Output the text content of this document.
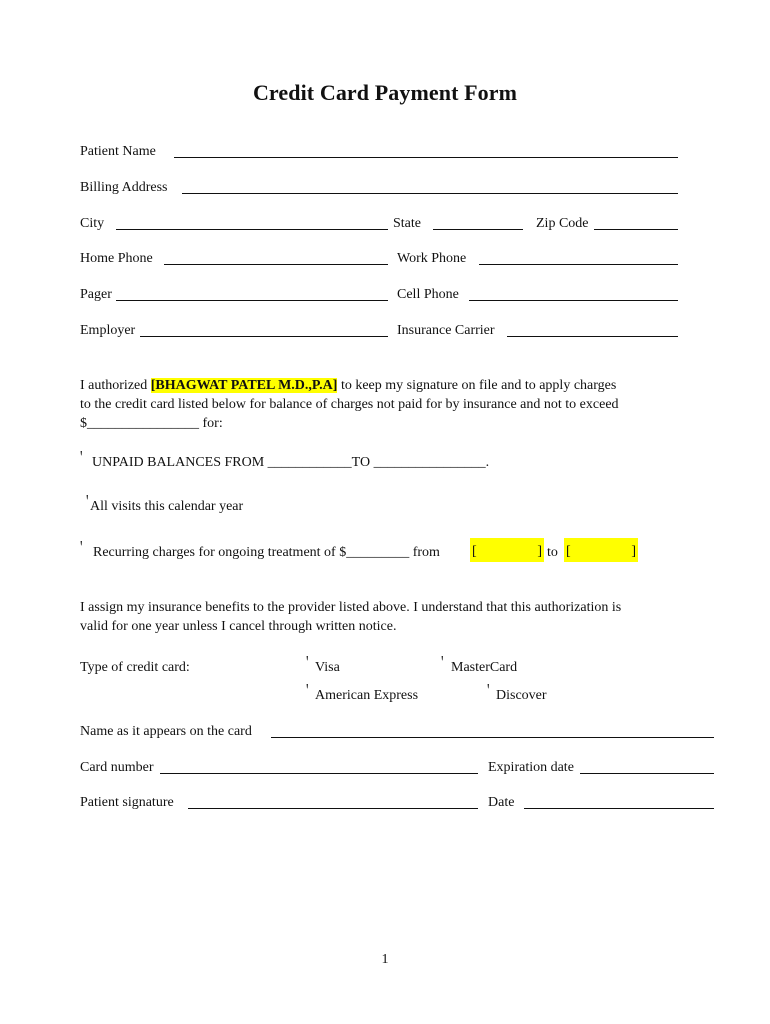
Credit Card Payment Form
Patient Name
Billing Address
City	State	Zip Code
Home Phone	Work Phone
Pager	Cell Phone
Employer	Insurance Carrier
I authorized [BHAGWAT PATEL M.D.,P.A] to keep my signature on file and to apply charges
to the credit card listed below for balance of charges not paid for by insurance and not to exceed
$________________ for:
ꞌ UNPAID BALANCES FROM ____________TO ________________.
ꞌ All visits this calendar year
ꞌ Recurring charges for ongoing treatment of $_________ from [	] to [	]
I assign my insurance benefits to the provider listed above. I understand that this authorization is
valid for one year unless I cancel through written notice.
Type of credit card:	ꞌ Visa	ꞌ MasterCard
ꞌ American Express	ꞌ Discover
Name as it appears on the card
Card number	Expiration date
Patient signature	Date
1
